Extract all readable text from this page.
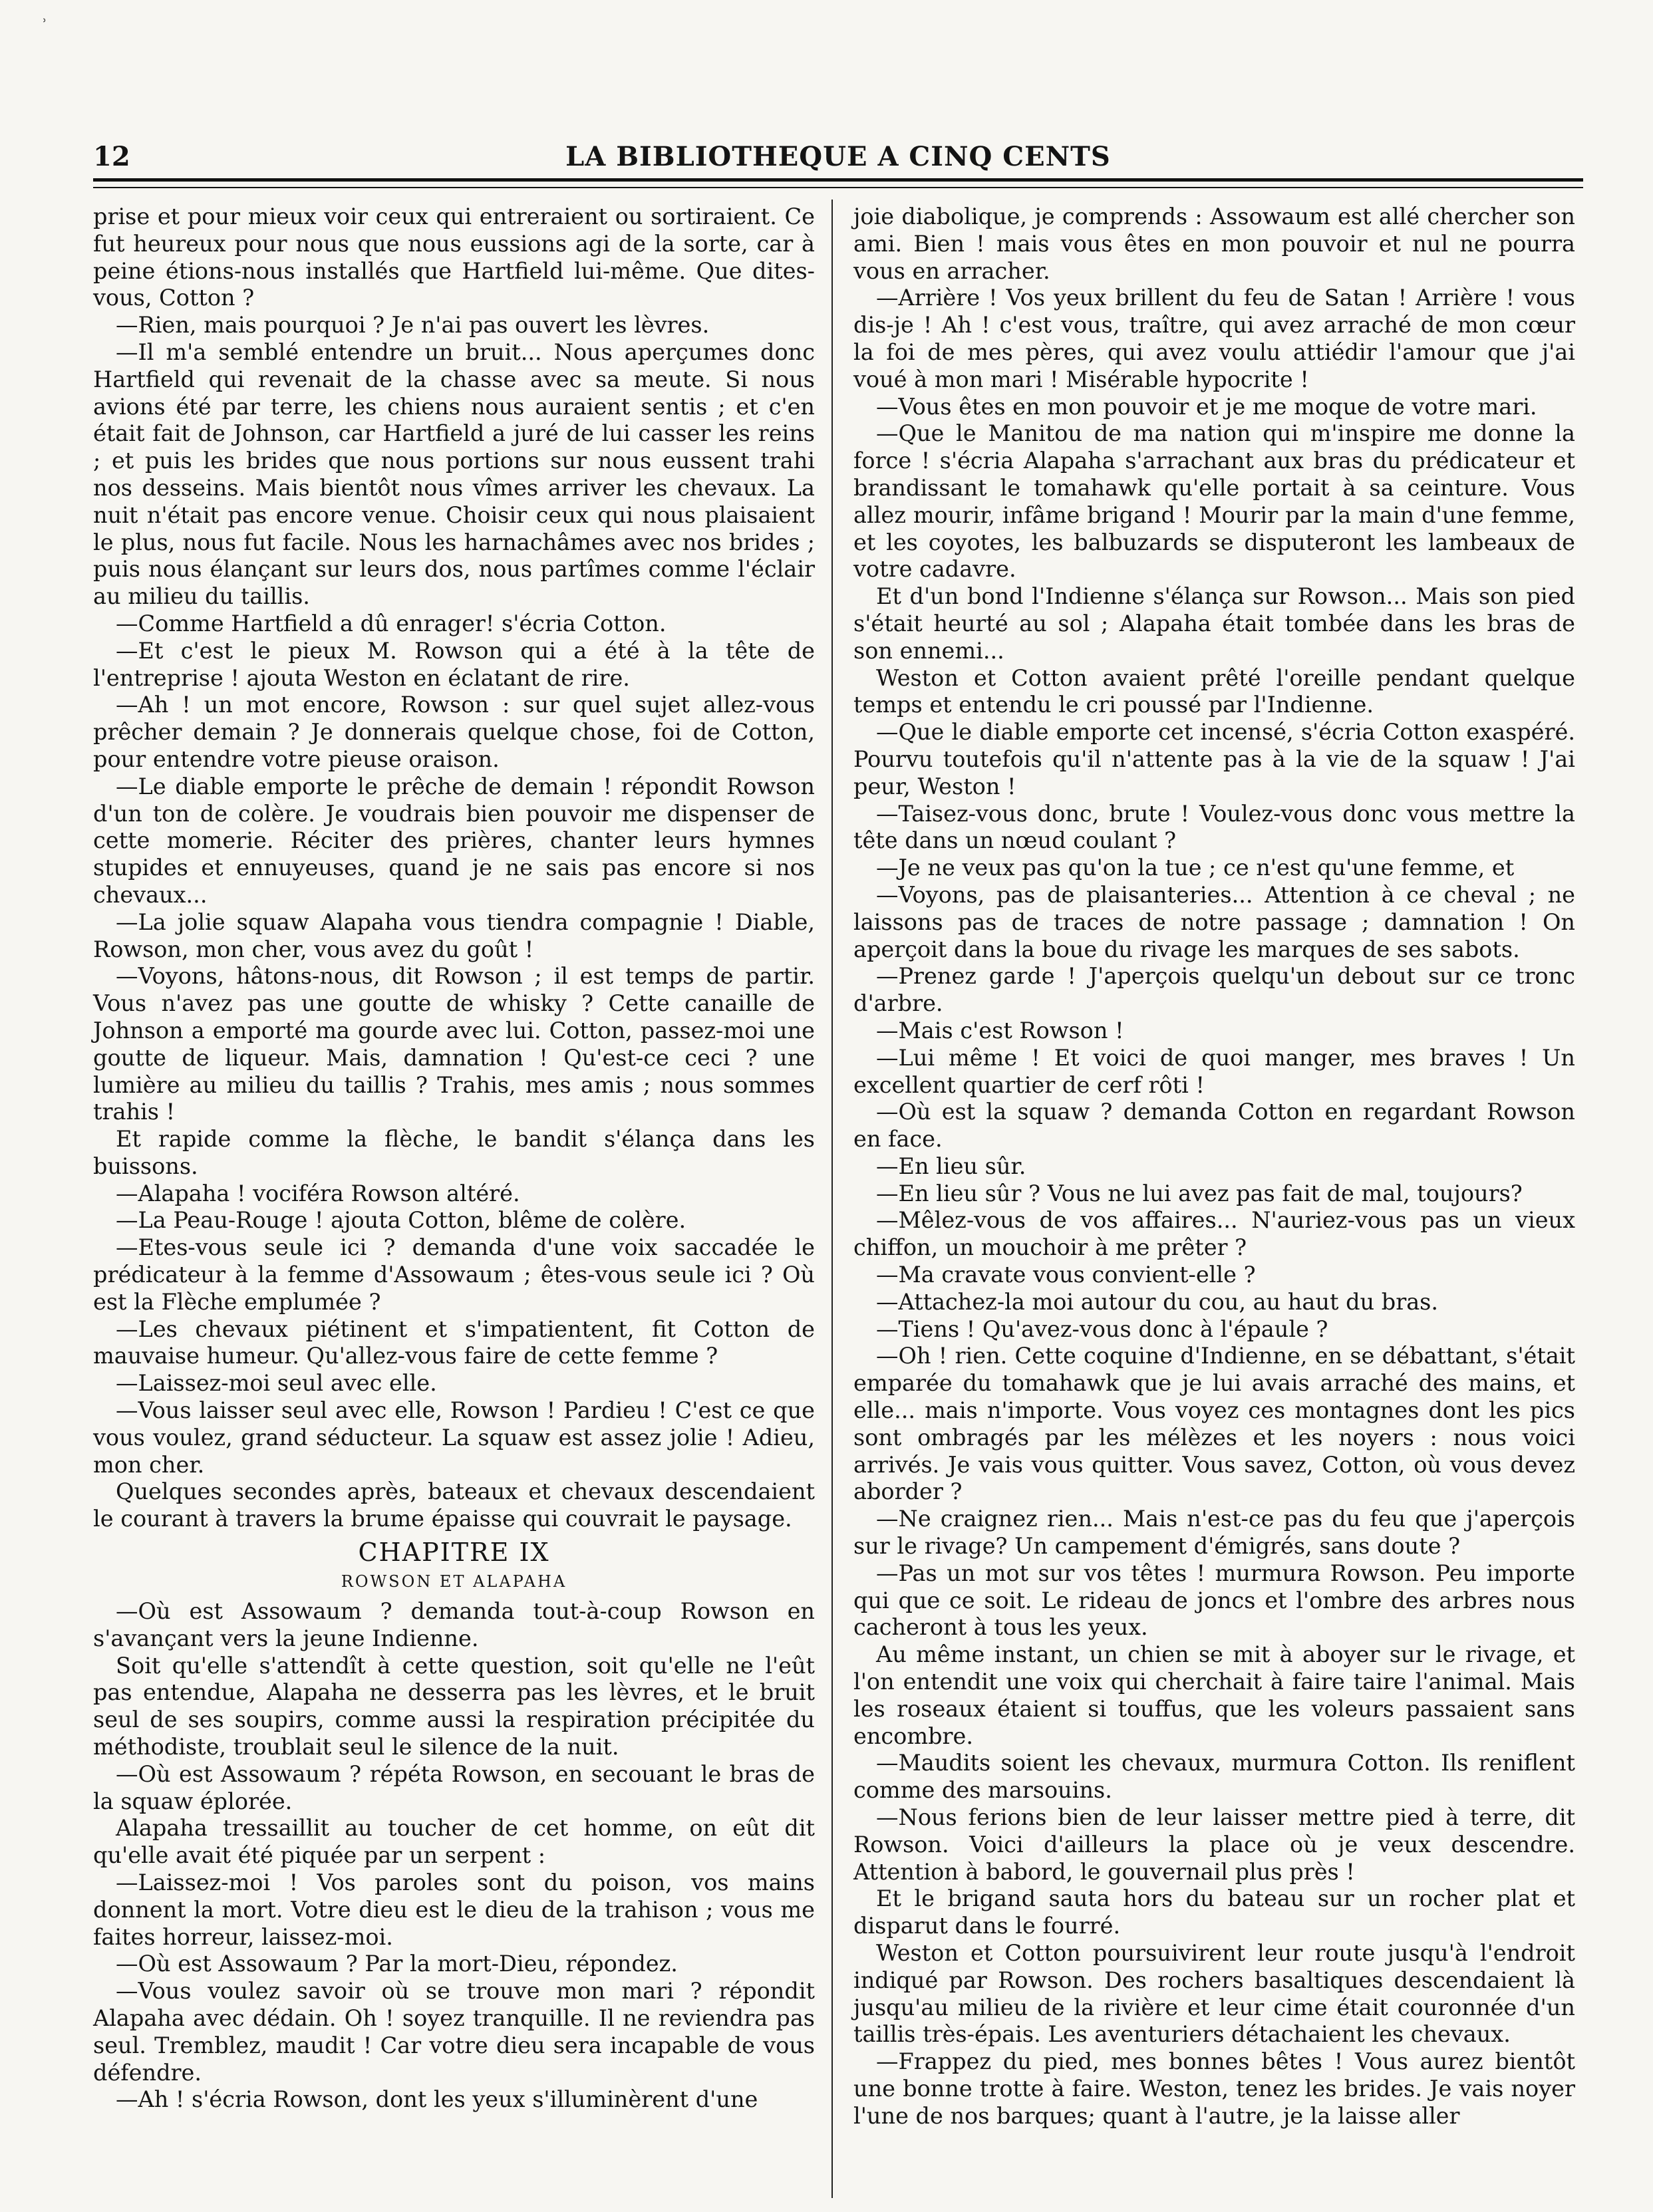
˒
12	LA BIBLIOTHEQUE A CINQ CENTS

prise et pour mieux voir ceux qui entreraient ou sortiraient. Ce fut heureux pour nous que nous eussions agi de la sorte, car à peine étions-nous installés que Hartfield lui-même. Que dites-vous, Cotton ?

—Rien, mais pourquoi ? Je n'ai pas ouvert les lèvres.

—Il m'a semblé entendre un bruit... Nous aperçumes donc Hartfield qui revenait de la chasse avec sa meute. Si nous avions été par terre, les chiens nous auraient sentis ; et c'en était fait de Johnson, car Hartfield a juré de lui casser les reins ; et puis les brides que nous portions sur nous eussent trahi nos desseins. Mais bientôt nous vîmes arriver les chevaux. La nuit n'était pas encore venue. Choisir ceux qui nous plaisaient le plus, nous fut facile. Nous les harnachâmes avec nos brides ; puis nous élançant sur leurs dos, nous partîmes comme l'éclair au milieu du taillis.

—Comme Hartfield a dû enrager! s'écria Cotton.

—Et c'est le pieux M. Rowson qui a été à la tête de l'entreprise ! ajouta Weston en éclatant de rire.

—Ah ! un mot encore, Rowson : sur quel sujet allez-vous prêcher demain ? Je donnerais quelque chose, foi de Cotton, pour entendre votre pieuse oraison.

—Le diable emporte le prêche de demain ! répondit Rowson d'un ton de colère. Je voudrais bien pouvoir me dispenser de cette momerie. Réciter des prières, chanter leurs hymnes stupides et ennuyeuses, quand je ne sais pas encore si nos chevaux...

—La jolie squaw Alapaha vous tiendra compagnie ! Diable, Rowson, mon cher, vous avez du goût !

—Voyons, hâtons-nous, dit Rowson ; il est temps de partir. Vous n'avez pas une goutte de whisky ? Cette canaille de Johnson a emporté ma gourde avec lui. Cotton, passez-moi une goutte de liqueur. Mais, damnation ! Qu'est-ce ceci ? une lumière au milieu du taillis ? Trahis, mes amis ; nous sommes trahis !

Et rapide comme la flèche, le bandit s'élança dans les buissons.

—Alapaha ! vociféra Rowson altéré.

—La Peau-Rouge ! ajouta Cotton, blême de colère.

—Etes-vous seule ici ? demanda d'une voix saccadée le prédicateur à la femme d'Assowaum ; êtes-vous seule ici ? Où est la Flèche emplumée ?

—Les chevaux piétinent et s'impatientent, fit Cotton de mauvaise humeur. Qu'allez-vous faire de cette femme ?

—Laissez-moi seul avec elle.

—Vous laisser seul avec elle, Rowson ! Pardieu ! C'est ce que vous voulez, grand séducteur. La squaw est assez jolie ! Adieu, mon cher.

Quelques secondes après, bateaux et chevaux descendaient le courant à travers la brume épaisse qui couvrait le paysage.

CHAPITRE IX
ROWSON ET ALAPAHA

—Où est Assowaum ? demanda tout-à-coup Rowson en s'avançant vers la jeune Indienne.

Soit qu'elle s'attendît à cette question, soit qu'elle ne l'eût pas entendue, Alapaha ne desserra pas les lèvres, et le bruit seul de ses soupirs, comme aussi la respiration précipitée du méthodiste, troublait seul le silence de la nuit.

—Où est Assowaum ? répéta Rowson, en secouant le bras de la squaw éplorée.

Alapaha tressaillit au toucher de cet homme, on eût dit qu'elle avait été piquée par un serpent :

—Laissez-moi ! Vos paroles sont du poison, vos mains donnent la mort. Votre dieu est le dieu de la trahison ; vous me faites horreur, laissez-moi.

—Où est Assowaum ? Par la mort-Dieu, répondez.

—Vous voulez savoir où se trouve mon mari ? répondit Alapaha avec dédain. Oh ! soyez tranquille. Il ne reviendra pas seul. Tremblez, maudit ! Car votre dieu sera incapable de vous défendre.

—Ah ! s'écria Rowson, dont les yeux s'illuminèrent d'une

joie diabolique, je comprends : Assowaum est allé chercher son ami. Bien ! mais vous êtes en mon pouvoir et nul ne pourra vous en arracher.

—Arrière ! Vos yeux brillent du feu de Satan ! Arrière ! vous dis-je ! Ah ! c'est vous, traître, qui avez arraché de mon cœur la foi de mes pères, qui avez voulu attiédir l'amour que j'ai voué à mon mari ! Misérable hypocrite !

—Vous êtes en mon pouvoir et je me moque de votre mari.

—Que le Manitou de ma nation qui m'inspire me donne la force ! s'écria Alapaha s'arrachant aux bras du prédicateur et brandissant le tomahawk qu'elle portait à sa ceinture. Vous allez mourir, infâme brigand ! Mourir par la main d'une femme, et les coyotes, les balbuzards se disputeront les lambeaux de votre cadavre.

Et d'un bond l'Indienne s'élança sur Rowson... Mais son pied s'était heurté au sol ; Alapaha était tombée dans les bras de son ennemi...

Weston et Cotton avaient prêté l'oreille pendant quelque temps et entendu le cri poussé par l'Indienne.

—Que le diable emporte cet incensé, s'écria Cotton exaspéré. Pourvu toutefois qu'il n'attente pas à la vie de la squaw ! J'ai peur, Weston !

—Taisez-vous donc, brute ! Voulez-vous donc vous mettre la tête dans un nœud coulant ?

—Je ne veux pas qu'on la tue ; ce n'est qu'une femme, et

—Voyons, pas de plaisanteries... Attention à ce cheval ; ne laissons pas de traces de notre passage ; damnation ! On aperçoit dans la boue du rivage les marques de ses sabots.

—Prenez garde ! J'aperçois quelqu'un debout sur ce tronc d'arbre.

—Mais c'est Rowson !

—Lui même ! Et voici de quoi manger, mes braves ! Un excellent quartier de cerf rôti !

—Où est la squaw ? demanda Cotton en regardant Rowson en face.

—En lieu sûr.

—En lieu sûr ? Vous ne lui avez pas fait de mal, toujours?

—Mêlez-vous de vos affaires... N'auriez-vous pas un vieux chiffon, un mouchoir à me prêter ?

—Ma cravate vous convient-elle ?

—Attachez-la moi autour du cou, au haut du bras.

—Tiens ! Qu'avez-vous donc à l'épaule ?

—Oh ! rien. Cette coquine d'Indienne, en se débattant, s'était emparée du tomahawk que je lui avais arraché des mains, et elle... mais n'importe. Vous voyez ces montagnes dont les pics sont ombragés par les mélèzes et les noyers : nous voici arrivés. Je vais vous quitter. Vous savez, Cotton, où vous devez aborder ?

—Ne craignez rien... Mais n'est-ce pas du feu que j'aperçois sur le rivage? Un campement d'émigrés, sans doute ?

—Pas un mot sur vos têtes ! murmura Rowson. Peu importe qui que ce soit. Le rideau de joncs et l'ombre des arbres nous cacheront à tous les yeux.

Au même instant, un chien se mit à aboyer sur le rivage, et l'on entendit une voix qui cherchait à faire taire l'animal. Mais les roseaux étaient si touffus, que les voleurs passaient sans encombre.

—Maudits soient les chevaux, murmura Cotton. Ils reniflent comme des marsouins.

—Nous ferions bien de leur laisser mettre pied à terre, dit Rowson. Voici d'ailleurs la place où je veux descendre. Attention à babord, le gouvernail plus près !

Et le brigand sauta hors du bateau sur un rocher plat et disparut dans le fourré.

Weston et Cotton poursuivirent leur route jusqu'à l'endroit indiqué par Rowson. Des rochers basaltiques descendaient là jusqu'au milieu de la rivière et leur cime était couronnée d'un taillis très-épais. Les aventuriers détachaient les chevaux.

—Frappez du pied, mes bonnes bêtes ! Vous aurez bientôt une bonne trotte à faire. Weston, tenez les brides. Je vais noyer l'une de nos barques; quant à l'autre, je la laisse aller
